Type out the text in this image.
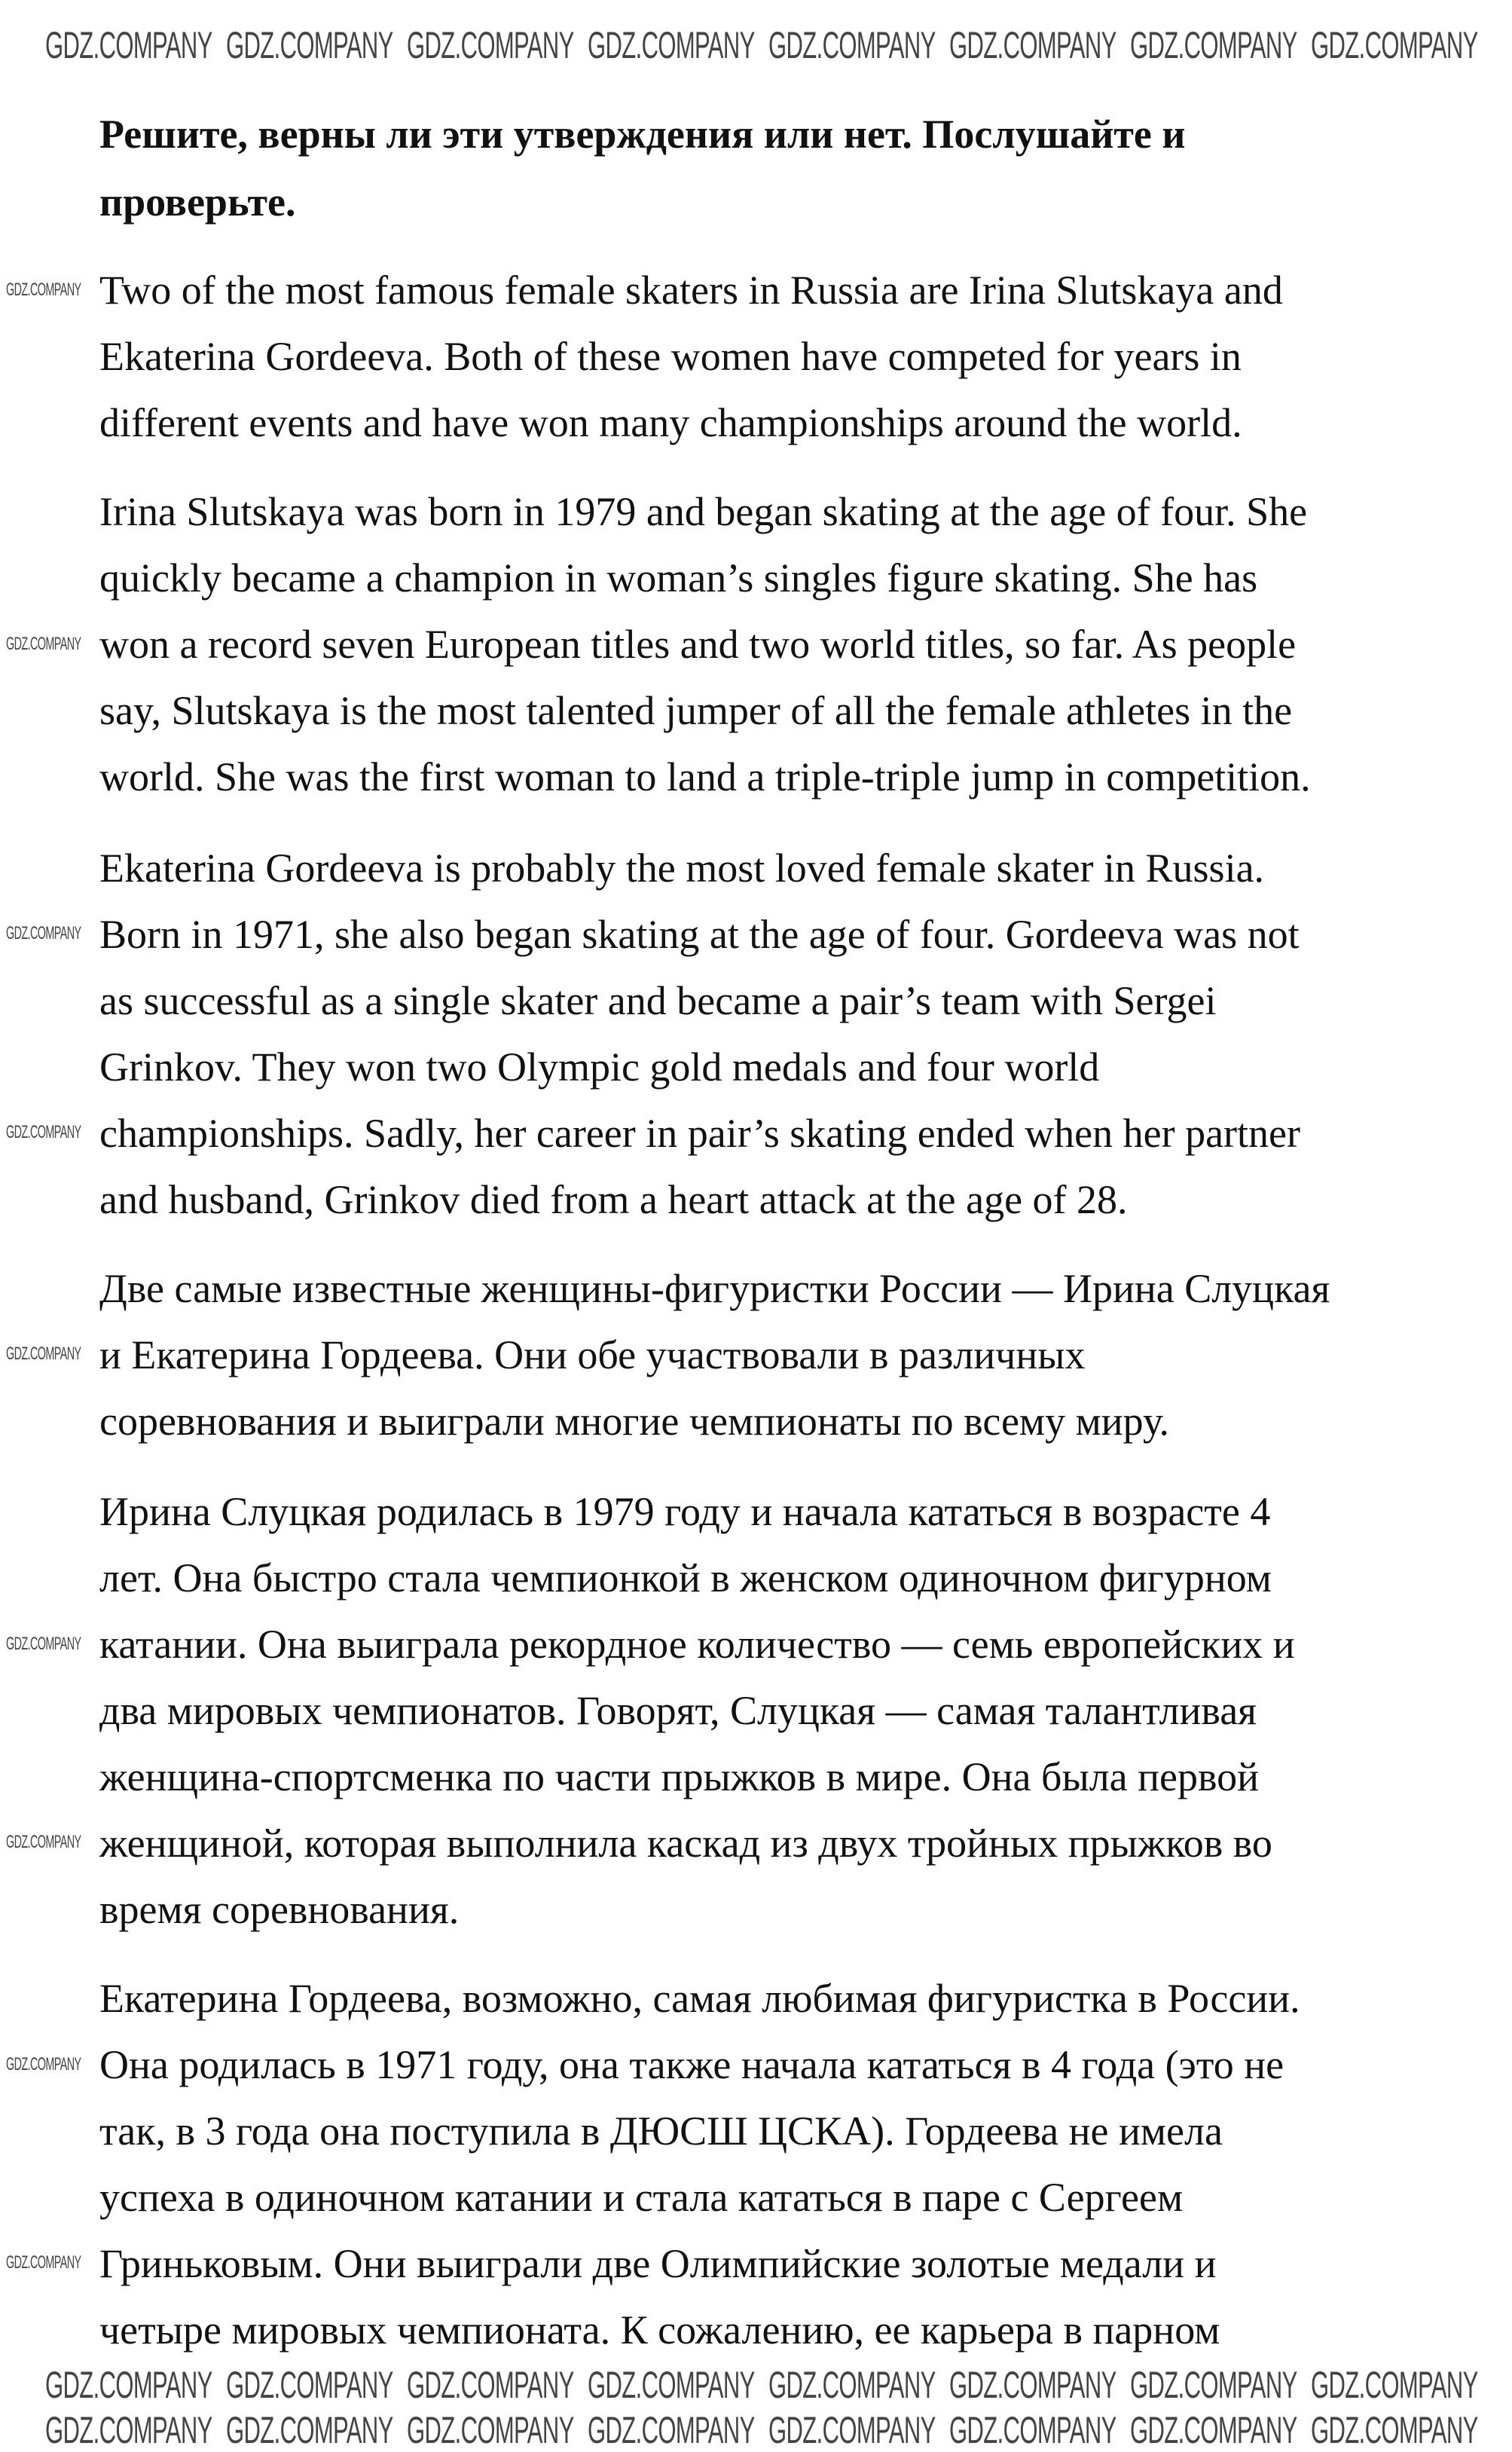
Решите, верны ли эти утверждения или нет. Послушайте и
проверьте.
Two of the most famous female skaters in Russia are Irina Slutskaya and
Ekaterina Gordeeva. Both of these women have competed for years in
different events and have won many championships around the world.
Irina Slutskaya was born in 1979 and began skating at the age of four. She
quickly became a champion in woman’s singles figure skating. She has
won a record seven European titles and two world titles, so far. As people
say, Slutskaya is the most talented jumper of all the female athletes in the
world. She was the first woman to land a triple-triple jump in competition.
Ekaterina Gordeeva is probably the most loved female skater in Russia.
Born in 1971, she also began skating at the age of four. Gordeeva was not
as successful as a single skater and became a pair’s team with Sergei
Grinkov. They won two Olympic gold medals and four world
championships. Sadly, her career in pair’s skating ended when her partner
and husband, Grinkov died from a heart attack at the age of 28.
Две самые известные женщины-фигуристки России — Ирина Слуцкая
и Екатерина Гордеева. Они обе участвовали в различных
соревнования и выиграли многие чемпионаты по всему миру.
Ирина Слуцкая родилась в 1979 году и начала кататься в возрасте 4
лет. Она быстро стала чемпионкой в женском одиночном фигурном
катании. Она выиграла рекордное количество — семь европейских и
два мировых чемпионатов. Говорят, Слуцкая — самая талантливая
женщина-спортсменка по части прыжков в мире. Она была первой
женщиной, которая выполнила каскад из двух тройных прыжков во
время соревнования.
Екатерина Гордеева, возможно, самая любимая фигуристка в России.
Она родилась в 1971 году, она также начала кататься в 4 года (это не
так, в 3 года она поступила в ДЮСШ ЦСКА). Гордеева не имела
успеха в одиночном катании и стала кататься в паре с Сергеем
Гриньковым. Они выиграли две Олимпийские золотые медали и
четыре мировых чемпионата. К сожалению, ее карьера в парном
GDZ.COMPANY GDZ.COMPANY GDZ.COMPANY GDZ.COMPANY GDZ.COMPANY GDZ.COMPANY GDZ.COMPANY GDZ.COMPANY
GDZ.COMPANY GDZ.COMPANY GDZ.COMPANY GDZ.COMPANY GDZ.COMPANY GDZ.COMPANY GDZ.COMPANY GDZ.COMPANY
GDZ.COMPANY GDZ.COMPANY GDZ.COMPANY GDZ.COMPANY GDZ.COMPANY GDZ.COMPANY GDZ.COMPANY GDZ.COMPANY
GDZ.COMPANY
GDZ.COMPANY
GDZ.COMPANY
GDZ.COMPANY
GDZ.COMPANY
GDZ.COMPANY
GDZ.COMPANY
GDZ.COMPANY
GDZ.COMPANY
